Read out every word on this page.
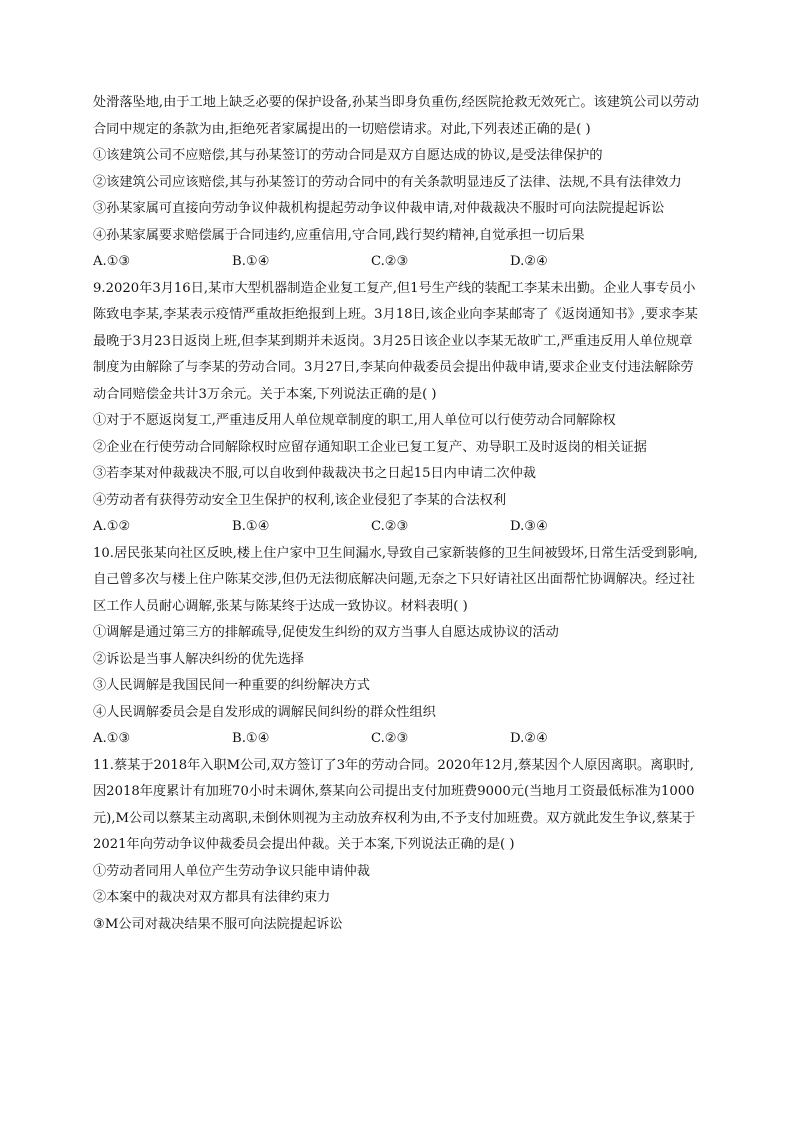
处滑落坠地,由于工地上缺乏必要的保护设备,孙某当即身负重伤,经医院抢救无效死亡。该建筑公司以劳动合同中规定的条款为由,拒绝死者家属提出的一切赔偿请求。对此,下列表述正确的是( )

①该建筑公司不应赔偿,其与孙某签订的劳动合同是双方自愿达成的协议,是受法律保护的

②该建筑公司应该赔偿,其与孙某签订的劳动合同中的有关条款明显违反了法律、法规,不具有法律效力

③孙某家属可直接向劳动争议仲裁机构提起劳动争议仲裁申请,对仲裁裁决不服时可向法院提起诉讼

④孙某家属要求赔偿属于合同违约,应重信用,守合同,践行契约精神,自觉承担一切后果

A.①③	B.①④	C.②③	D.②④

9.2020年3月16日,某市大型机器制造企业复工复产,但1号生产线的装配工李某未出勤。企业人事专员小陈致电李某,李某表示疫情严重故拒绝报到上班。3月18日,该企业向李某邮寄了《返岗通知书》,要求李某最晚于3月23日返岗上班,但李某到期并未返岗。3月25日该企业以李某无故旷工,严重违反用人单位规章制度为由解除了与李某的劳动合同。3月27日,李某向仲裁委员会提出仲裁申请,要求企业支付违法解除劳动合同赔偿金共计3万余元。关于本案,下列说法正确的是( )

①对于不愿返岗复工,严重违反用人单位规章制度的职工,用人单位可以行使劳动合同解除权

②企业在行使劳动合同解除权时应留存通知职工企业已复工复产、劝导职工及时返岗的相关证据

③若李某对仲裁裁决不服,可以自收到仲裁裁决书之日起15日内申请二次仲裁

④劳动者有获得劳动安全卫生保护的权利,该企业侵犯了李某的合法权利

A.①②	B.①④	C.②③	D.③④

10.居民张某向社区反映,楼上住户家中卫生间漏水,导致自己家新装修的卫生间被毁坏,日常生活受到影响,自己曾多次与楼上住户陈某交涉,但仍无法彻底解决问题,无奈之下只好请社区出面帮忙协调解决。经过社区工作人员耐心调解,张某与陈某终于达成一致协议。材料表明( )

①调解是通过第三方的排解疏导,促使发生纠纷的双方当事人自愿达成协议的活动

②诉讼是当事人解决纠纷的优先选择

③人民调解是我国民间一种重要的纠纷解决方式

④人民调解委员会是自发形成的调解民间纠纷的群众性组织

A.①③	B.①④	C.②③	D.②④

11.蔡某于2018年入职M公司,双方签订了3年的劳动合同。2020年12月,蔡某因个人原因离职。离职时,因2018年度累计有加班70小时未调休,蔡某向公司提出支付加班费9000元(当地月工资最低标准为1000元),M公司以蔡某主动离职,未倒休则视为主动放弃权利为由,不予支付加班费。双方就此发生争议,蔡某于2021年向劳动争议仲裁委员会提出仲裁。关于本案,下列说法正确的是( )

①劳动者同用人单位产生劳动争议只能申请仲裁

②本案中的裁决对双方都具有法律约束力

③M公司对裁决结果不服可向法院提起诉讼
